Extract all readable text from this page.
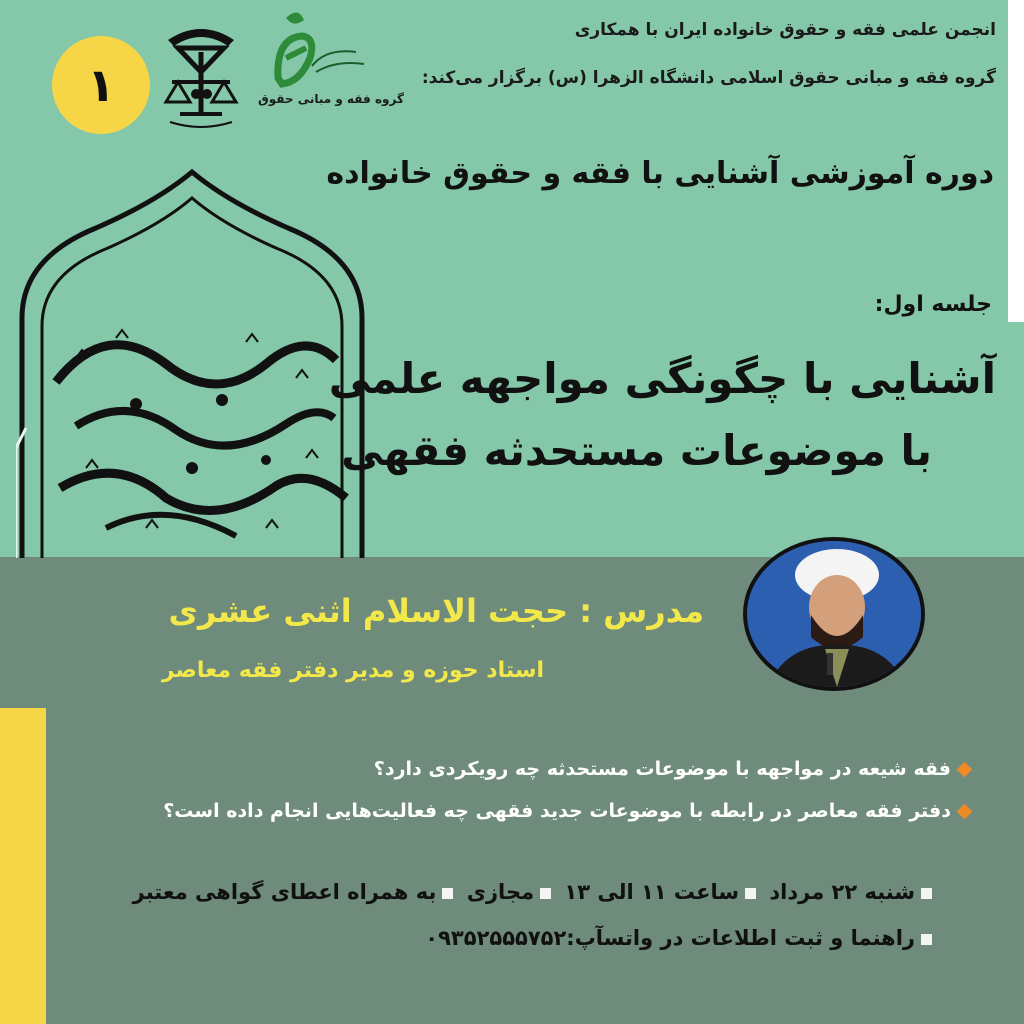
انجمن علمی فقه و حقوق خانواده ایران با همکاری
گروه فقه و مبانی حقوق اسلامی دانشگاه الزهرا (س) برگزار می‌کند:
۱	گروه فقه و مبانی حقوق
دوره آموزشی آشنایی با فقه و حقوق خانواده
جلسه اول:
آشنایی با چگونگی مواجهه علمی
با موضوعات مستحدثه فقهی
مدرس : حجت الاسلام اثنی عشری
استاد حوزه و مدیر دفتر فقه معاصر
فقه شیعه در مواجهه با موضوعات مستحدثه چه رویکردی دارد؟
دفتر فقه معاصر در رابطه با موضوعات جدید فقهی چه فعالیت‌هایی انجام داده است؟
شنبه ۲۲ مرداد ساعت ۱۱ الی ۱۳ مجازی به همراه اعطای گواهی معتبر
راهنما و ثبت اطلاعات در واتسآپ:۰۹۳۵۲۵۵۵۷۵۲
